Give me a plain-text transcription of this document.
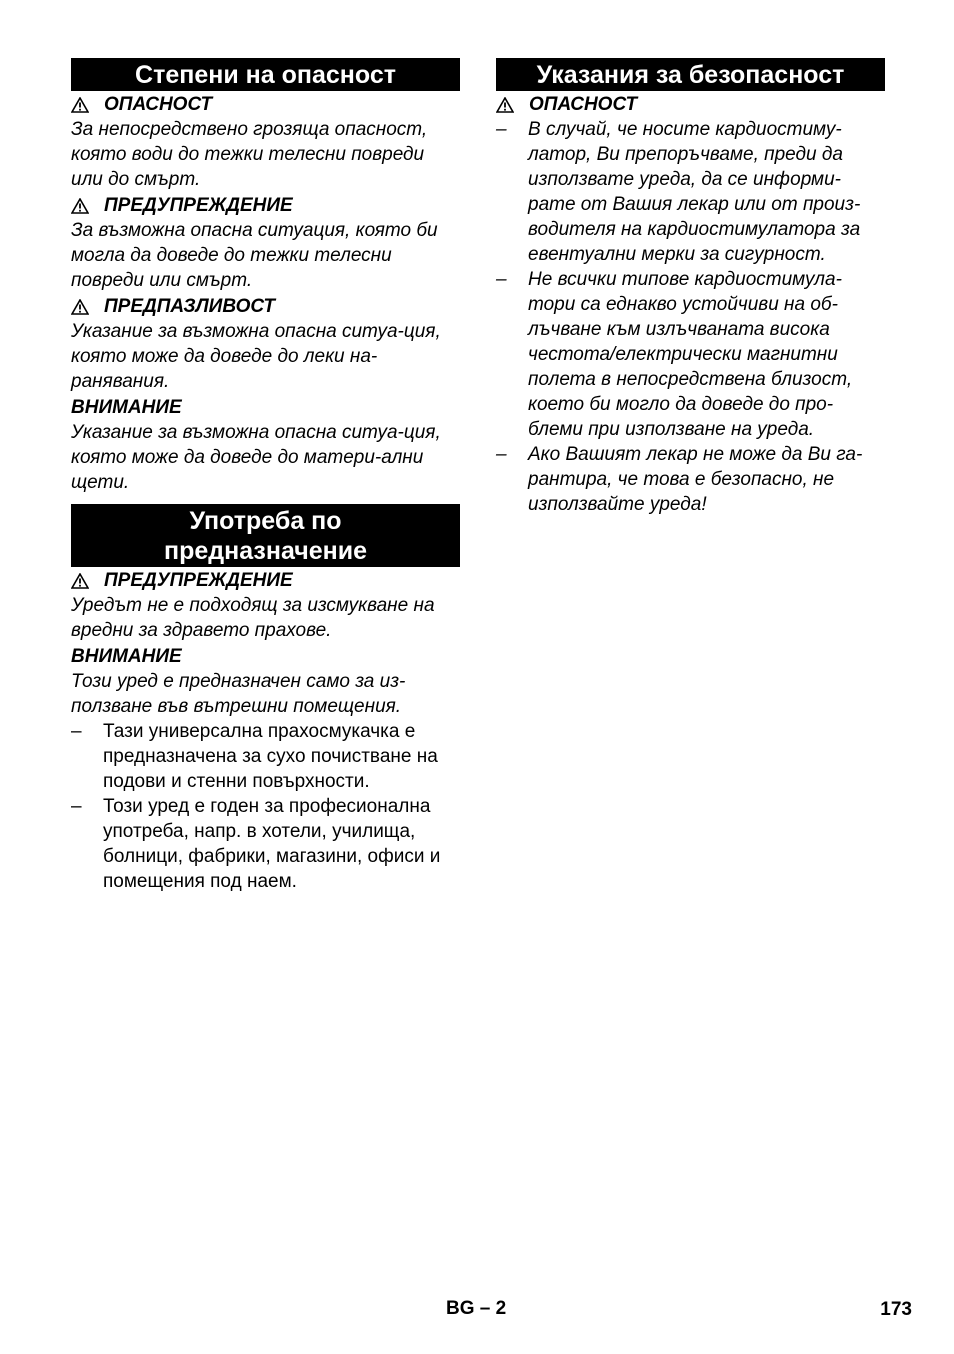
Степени на опасност
ОПАСНОСТ

За непосредствено грозяща опасност, която води до тежки телесни повреди или до смърт.

ПРЕДУПРЕЖДЕНИЕ

За възможна опасна ситуация, която би могла да доведе до тежки телесни повреди или смърт.

ПРЕДПАЗЛИВОСТ

Указание за възможна опасна ситуа-ция, която може да доведе до леки на-ранявания.

ВНИМАНИЕ

Указание за възможна опасна ситуа-ция, която може да доведе до матери-ални щети.

Употреба по
предназначение
ПРЕДУПРЕЖДЕНИЕ

Уредът не е подходящ за изсмукване на вредни за здравето прахове.

ВНИМАНИЕ

Този уред е предназначен само за из-ползване във вътрешни помещения.

– Тази универсална прахосмукачка е предназначена за сухо почистване на подови и стенни повърхности.
– Този уред е годен за професионална употреба, напр. в хотели, училища, болници, фабрики, магазини, офиси и помещения под наем.
Указания за безопасност
ОПАСНОСТ
– В случай, че носите кардиостиму-латор, Ви препоръчваме, преди да използвате уреда, да се информи-рате от Вашия лекар или от произ-водителя на кардиостимулатора за евентуални мерки за сигурност.
– Не всички типове кардиостимула-тори са еднакво устойчиви на об-лъчване към излъчваната висока честота/електрически магнитни полета в непосредствена близост, което би могло да доведе до про-блеми при използване на уреда.
– Ако Вашият лекар не може да Ви га-рантира, че това е безопасно, не използвайте уреда!
BG – 2	173
